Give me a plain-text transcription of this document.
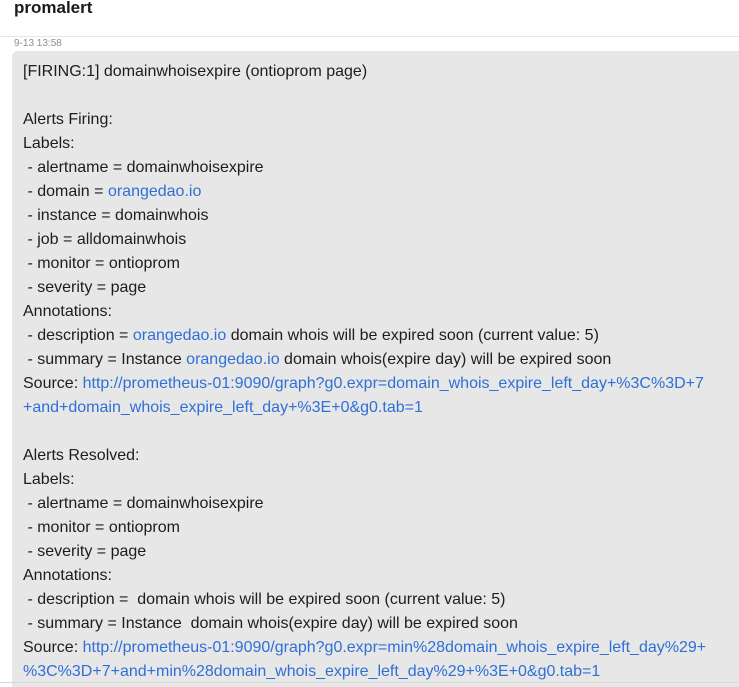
promalert
9-13 13:58
[FIRING:1] domainwhoisexpire (ontioprom page)
Alerts Firing:
Labels:
- alertname = domainwhoisexpire
- domain = orangedao.io
- instance = domainwhois
- job = alldomainwhois
- monitor = ontioprom
- severity = page
Annotations:
- description = orangedao.io domain whois will be expired soon (current value: 5)
- summary = Instance orangedao.io domain whois(expire day) will be expired soon
Source: http://prometheus-01:9090/graph?g0.expr=domain_whois_expire_left_day+%3C%3D+7
+and+domain_whois_expire_left_day+%3E+0&g0.tab=1
Alerts Resolved:
Labels:
- alertname = domainwhoisexpire
- monitor = ontioprom
- severity = page
Annotations:
- description =  domain whois will be expired soon (current value: 5)
- summary = Instance  domain whois(expire day) will be expired soon
Source: http://prometheus-01:9090/graph?g0.expr=min%28domain_whois_expire_left_day%29+
%3C%3D+7+and+min%28domain_whois_expire_left_day%29+%3E+0&g0.tab=1
